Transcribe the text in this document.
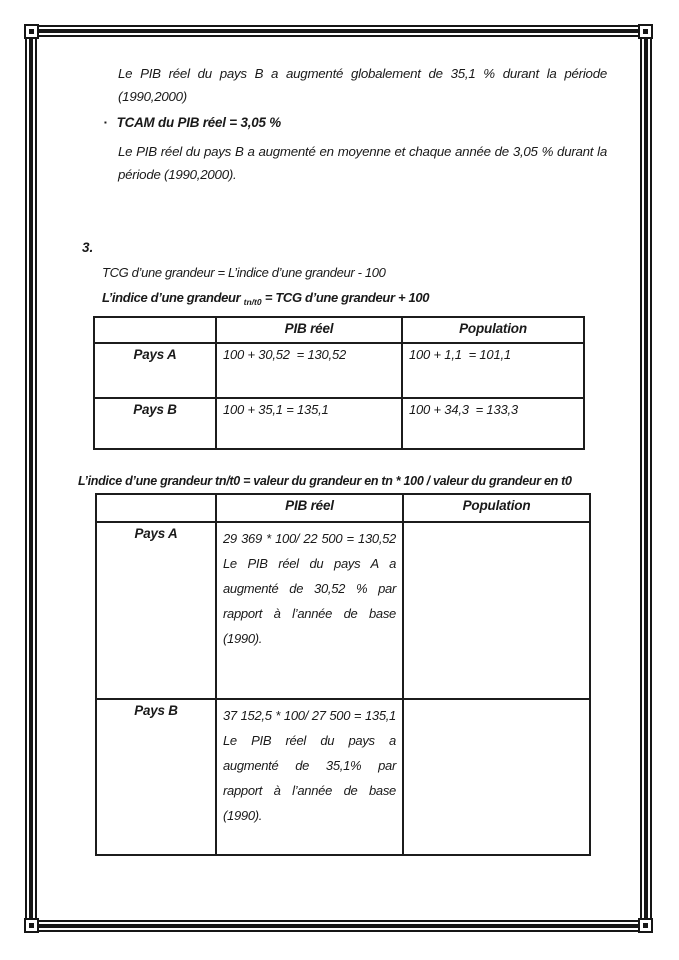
Le PIB réel du pays B a augmenté globalement de 35,1 % durant la période
(1990,2000)
▪ TCAM du PIB réel = 3,05 %
Le PIB réel du pays B a augmenté en moyenne et chaque année de 3,05 % durant la
période (1990,2000).
3.
TCG d’une grandeur = L’indice d’une grandeur - 100
L’indice d’une grandeur $_{tn/t0}$ = TCG d’une grandeur + 100
	PIB réel	Population
Pays A	100 + 30,52  = 130,52	100 + 1,1  = 101,1
Pays B	100 + 35,1 = 135,1	100 + 34,3  = 133,3
L’indice d’une grandeur tn/t0 = valeur du grandeur en tn * 100 / valeur du grandeur en t0
	PIB réel	Population
Pays A	29 369 * 100/ 22 500 = 130,52
Le PIB réel du pays A a
augmenté de 30,52 % par
rapport à l’année de base
(1990).	

Pays B	37 152,5 * 100/ 27 500 = 135,1
Le PIB réel du pays a
augmenté de 35,1% par
rapport à l’année de base
(1990).	
